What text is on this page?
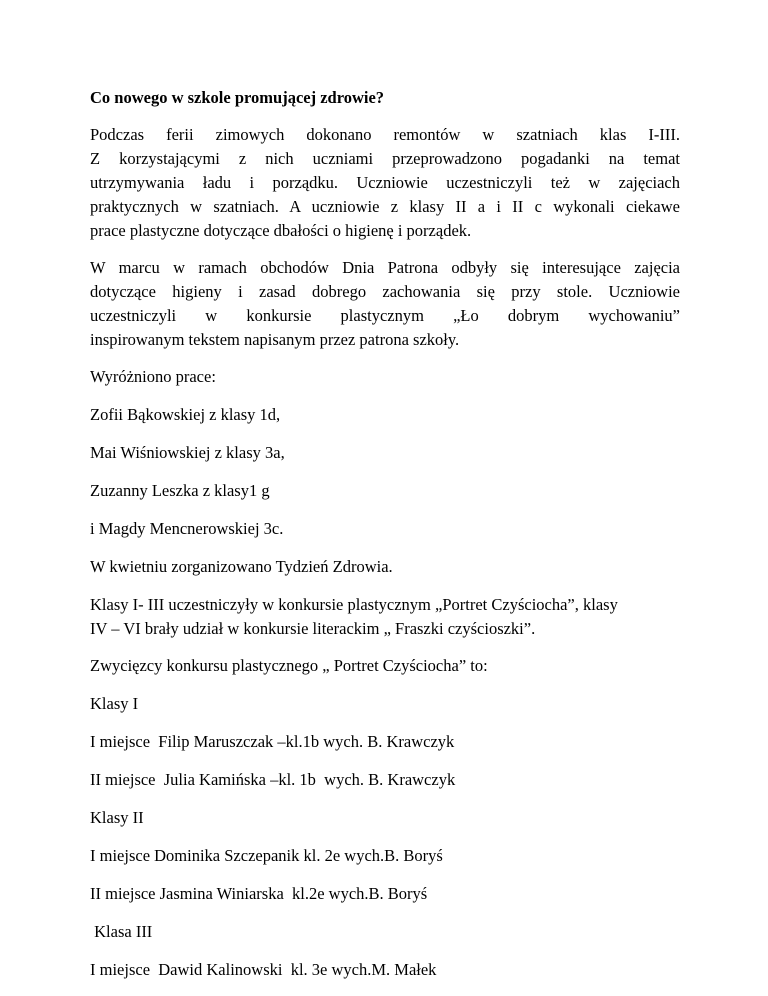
Co nowego w szkole promującej zdrowie?
Podczas ferii zimowych dokonano remontów w szatniach klas I-III.
Z korzystającymi z nich uczniami przeprowadzono pogadanki na temat
utrzymywania ładu i porządku. Uczniowie uczestniczyli też w zajęciach
praktycznych w szatniach. A uczniowie z klasy II a i II c wykonali ciekawe
prace plastyczne dotyczące dbałości o higienę i porządek.
W marcu w ramach obchodów Dnia Patrona odbyły się interesujące zajęcia
dotyczące higieny i zasad dobrego zachowania się przy stole. Uczniowie
uczestniczyli w konkursie plastycznym „Ło dobrym wychowaniu”
inspirowanym tekstem napisanym przez patrona szkoły.
Wyróżniono prace:
Zofii Bąkowskiej z klasy 1d,
Mai Wiśniowskiej z klasy 3a,
Zuzanny Leszka z klasy1 g
i Magdy Mencnerowskiej 3c.
W kwietniu zorganizowano Tydzień Zdrowia.
Klasy I- III uczestniczyły w konkursie plastycznym „Portret Czyściocha”, klasy
IV – VI brały udział w konkursie literackim „ Fraszki czyścioszki”.
Zwycięzcy konkursu plastycznego „ Portret Czyściocha” to:
Klasy I
I miejsce  Filip Maruszczak –kl.1b wych. B. Krawczyk
II miejsce  Julia Kamińska –kl. 1b  wych. B. Krawczyk
Klasy II
I miejsce Dominika Szczepanik kl. 2e wych.B. Boryś
II miejsce Jasmina Winiarska  kl.2e wych.B. Boryś
Klasa III
I miejsce  Dawid Kalinowski  kl. 3e wych.M. Małek
